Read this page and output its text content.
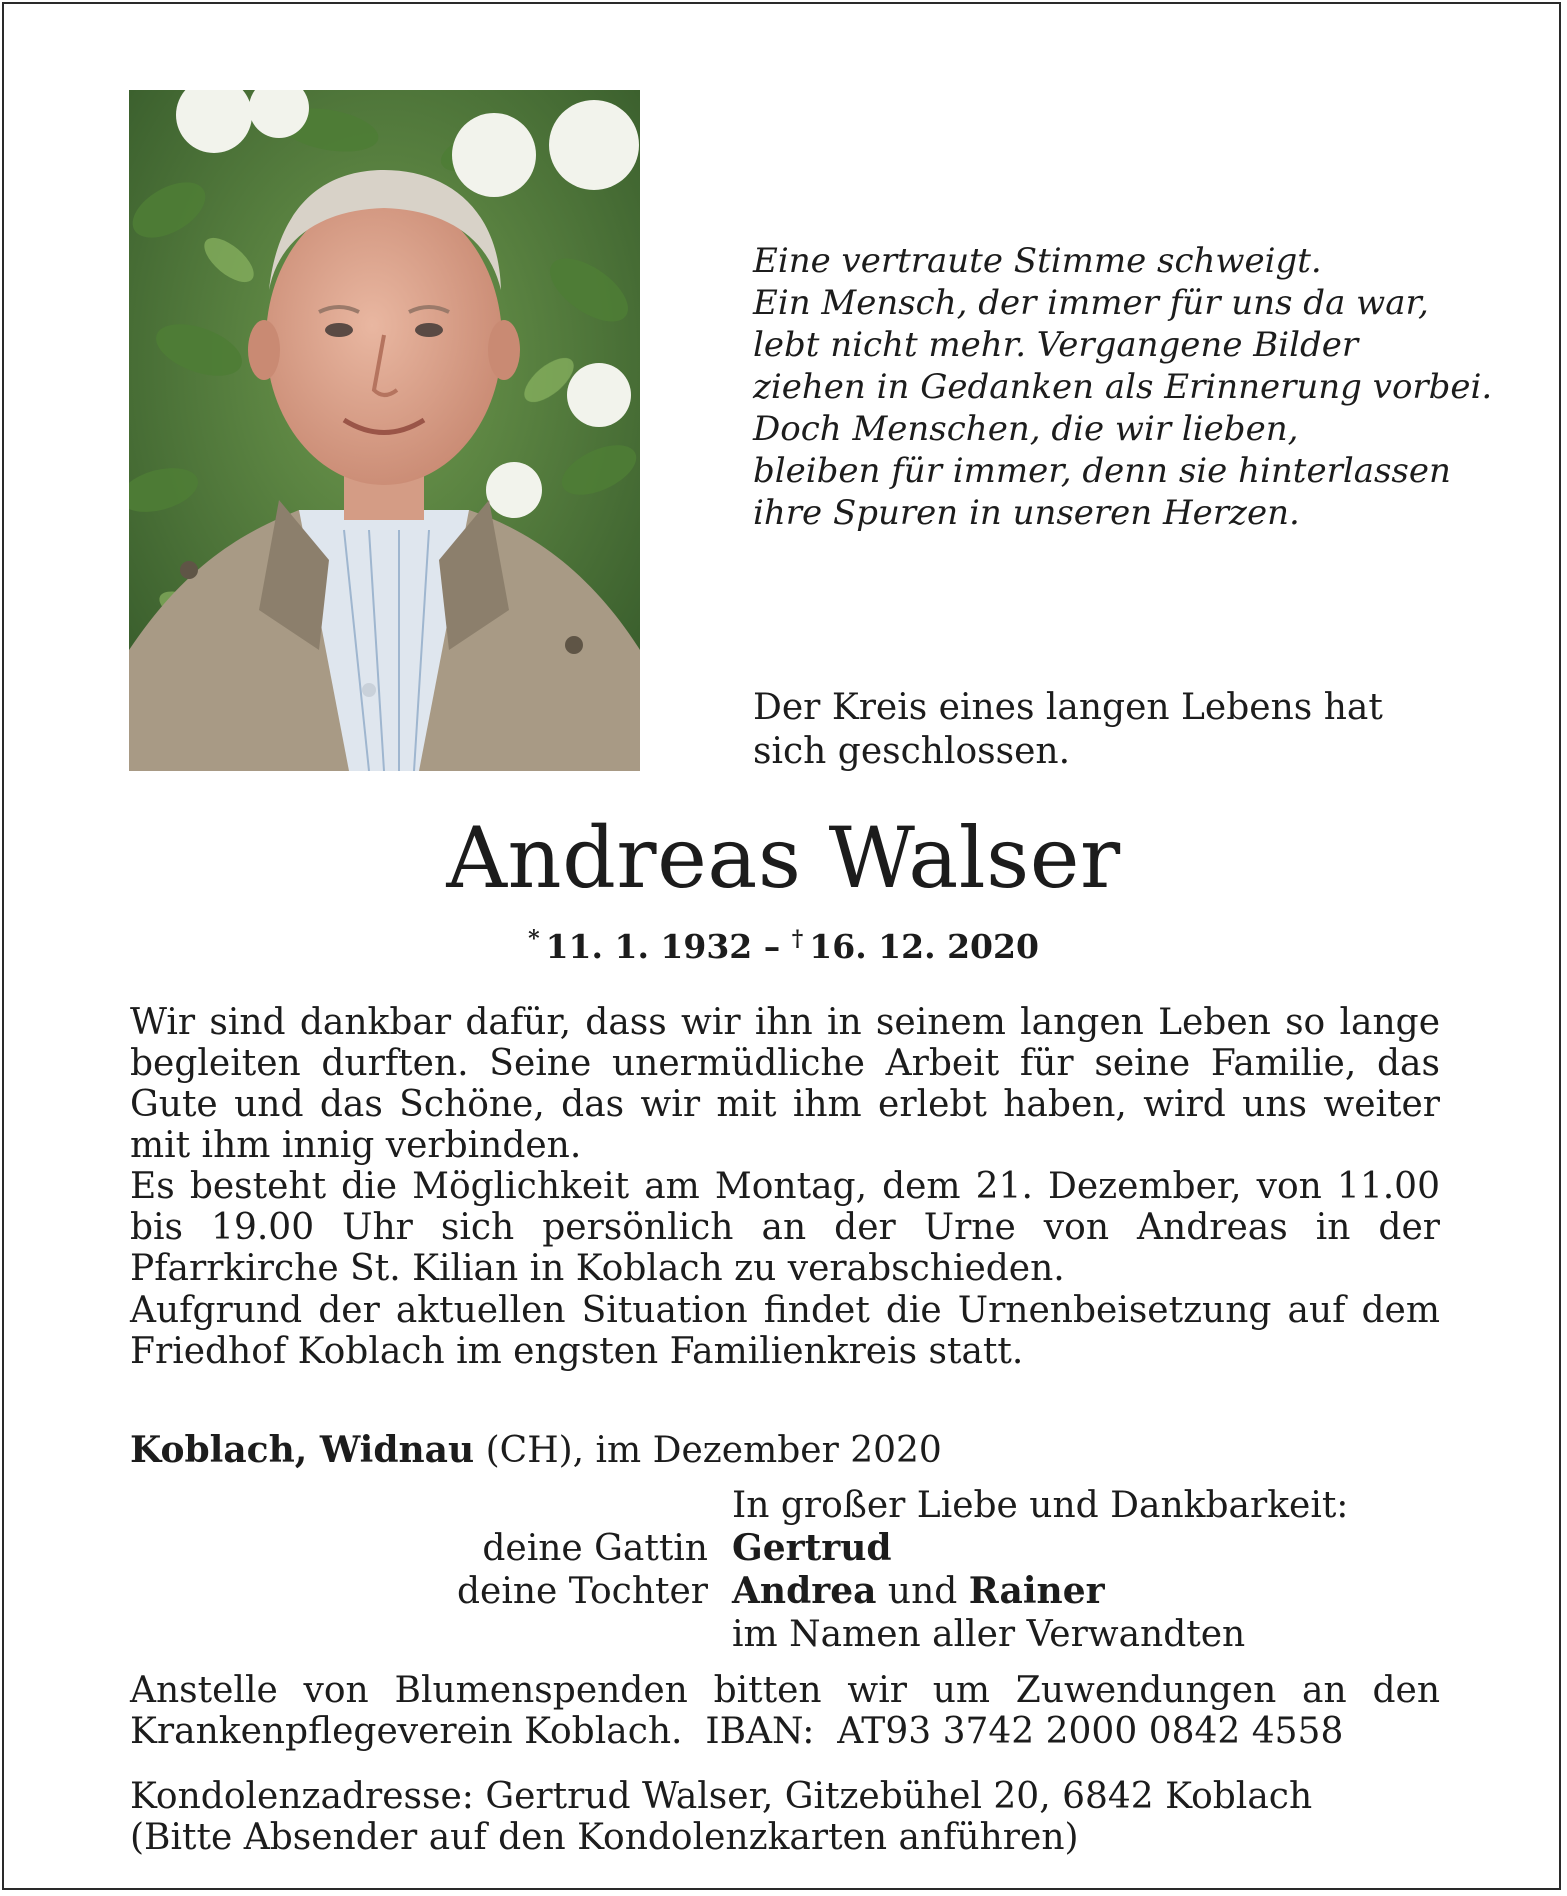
Eine vertraute Stimme schweigt.
Ein Mensch, der immer für uns da war,
lebt nicht mehr. Vergangene Bilder
ziehen in Gedanken als Erinnerung vorbei.
Doch Menschen, die wir lieben,
bleiben für immer, denn sie hinterlassen
ihre Spuren in unseren Herzen.

Der Kreis eines langen Lebens hat sich geschlossen.

Andreas Walser
* 11. 1. 1932 – † 16. 12. 2020

Wir sind dankbar dafür, dass wir ihn in seinem langen Leben so lange begleiten durften. Seine unermüdliche Arbeit für seine Familie, das Gute und das Schöne, das wir mit ihm erlebt haben, wird uns weiter mit ihm innig verbinden.

Es besteht die Möglichkeit am Montag, dem 21. Dezember, von 11.00 bis 19.00 Uhr sich persönlich an der Urne von Andreas in der Pfarrkirche St. Kilian in Koblach zu verabschieden.

Aufgrund der aktuellen Situation findet die Urnenbeisetzung auf dem Friedhof Koblach im engsten Familienkreis statt.

Koblach, Widnau (CH), im Dezember 2020
In großer Liebe und Dankbarkeit:
deine Gattin Gertrud
deine Tochter Andrea und Rainer
im Namen aller Verwandten

Anstelle von Blumenspenden bitten wir um Zuwendungen an den Krankenpflegeverein Koblach.  IBAN:  AT93 3742 2000 0842 4558

Kondolenzadresse: Gertrud Walser, Gitzebühel 20, 6842 Koblach
(Bitte Absender auf den Kondolenzkarten anführen)
